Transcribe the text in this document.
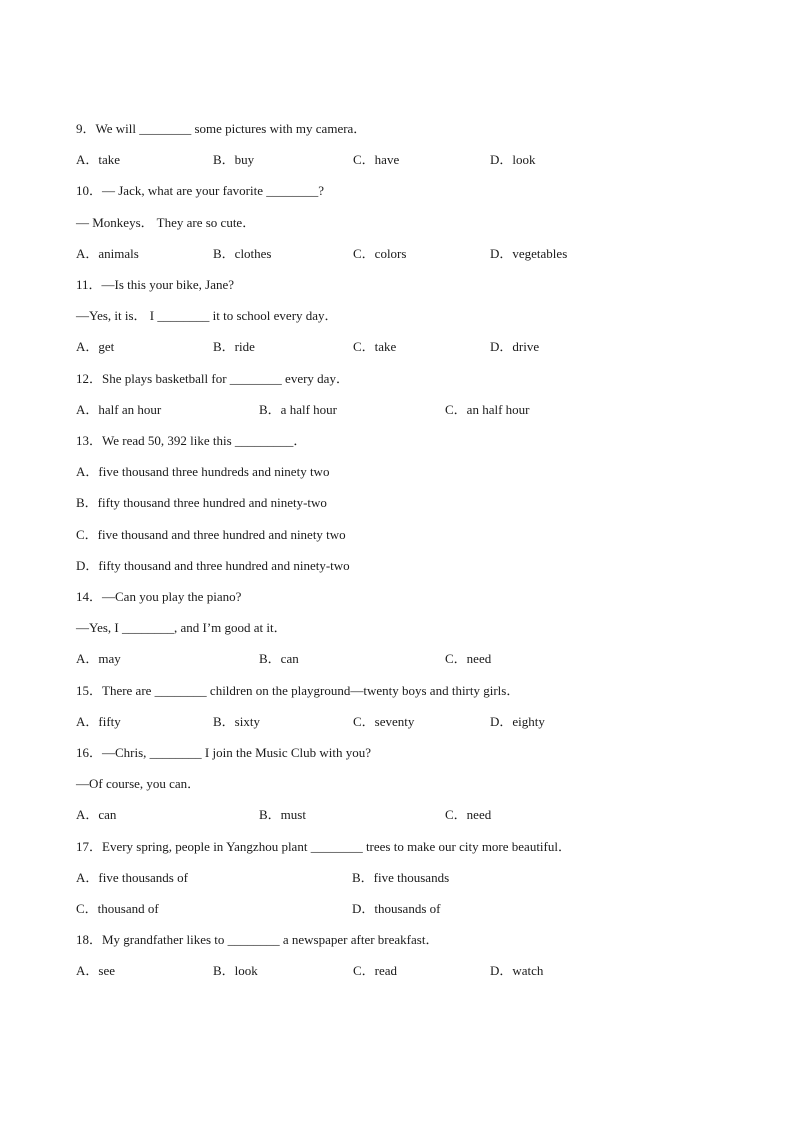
9．We will ________ some pictures with my camera．
A．take	B．buy	C．have	D．look
10．— Jack, what are your favorite ________?
— Monkeys． They are so cute．
A．animals	B．clothes	C．colors	D．vegetables
11．—Is this your bike, Jane?
—Yes, it is． I ________ it to school every day．
A．get	B．ride	C．take	D．drive
12．She plays basketball for ________ every day．
A．half an hour	B．a half hour	C．an half hour
13．We read 50, 392 like this _________．
A．five thousand three hundreds and ninety two
B．fifty thousand three hundred and ninety-two
C．five thousand and three hundred and ninety two
D．fifty thousand and three hundred and ninety-two
14．—Can you play the piano?
—Yes, I ________, and I’m good at it．
A．may	B．can	C．need
15．There are ________ children on the playground—twenty boys and thirty girls．
A．fifty	B．sixty	C．seventy	D．eighty
16．—Chris, ________ I join the Music Club with you?
—Of course, you can．
A．can	B．must	C．need
17．Every spring, people in Yangzhou plant ________ trees to make our city more beautiful．
A．five thousands of	B．five thousands
C．thousand of	D．thousands of
18．My grandfather likes to ________ a newspaper after breakfast．
A．see	B．look	C．read	D．watch
